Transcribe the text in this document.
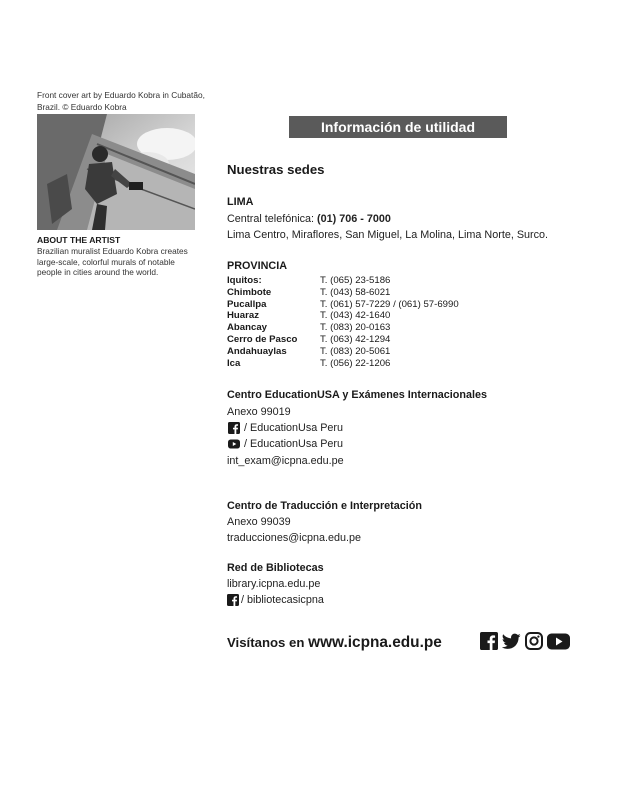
Front cover art by Eduardo Kobra in Cubatão, Brazil. © Eduardo Kobra
ABOUT THE ARTIST
Brazilian muralist Eduardo Kobra creates large-scale, colorful murals of notable people in cities around the world.
Información de utilidad
Nuestras sedes
LIMA
Central telefónica: (01) 706 - 7000
Lima Centro, Miraflores, San Miguel, La Molina, Lima Norte, Surco.
PROVINCIA
Iquitos:	T. (065) 23-5186
Chimbote	T. (043) 58-6021
Pucallpa	T. (061) 57-7229 / (061) 57-6990
Huaraz	T. (043) 42-1640
Abancay	T. (083) 20-0163
Cerro de Pasco T. (063) 42-1294
Andahuaylas	T. (083) 20-5061
Ica	T. (056) 22-1206
Centro EducationUSA y Exámenes Internacionales
Anexo 99019
/ EducationUsa Peru
/ EducationUsa Peru
int_exam@icpna.edu.pe
Centro de Traducción e Interpretación
Anexo 99039
traducciones@icpna.edu.pe
Red de Bibliotecas
library.icpna.edu.pe
/ bibliotecasicpna
Visítanos en www.icpna.edu.pe
